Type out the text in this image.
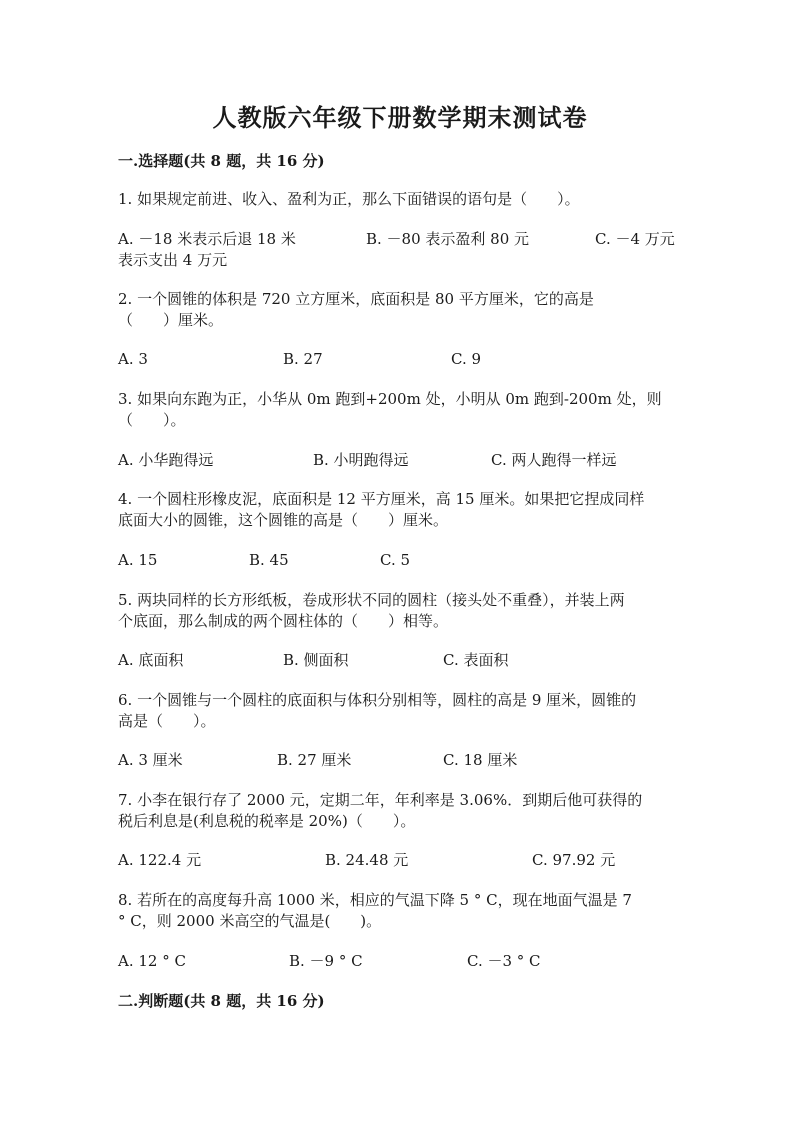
人教版六年级下册数学期末测试卷
一.选择题(共 8 题，共 16 分)
1. 如果规定前进、收入、盈利为正，那么下面错误的语句是（　　）。
A. －18 米表示后退 18 米	B. －80 表示盈利 80 元	C. －4 万元
表示支出 4 万元
2. 一个圆锥的体积是 720 立方厘米，底面积是 80 平方厘米，它的高是
（　　）厘米。
A. 3	B. 27	C. 9
3. 如果向东跑为正，小华从 0m 跑到+200m 处，小明从 0m 跑到-200m 处，则
（　　）。
A. 小华跑得远	B. 小明跑得远	C. 两人跑得一样远
4. 一个圆柱形橡皮泥，底面积是 12 平方厘米，高 15 厘米。如果把它捏成同样
底面大小的圆锥，这个圆锥的高是（　　）厘米。
A. 15	B. 45	C. 5
5. 两块同样的长方形纸板，卷成形状不同的圆柱（接头处不重叠），并装上两
个底面，那么制成的两个圆柱体的（　　）相等。
A. 底面积	B. 侧面积	C. 表面积
6. 一个圆锥与一个圆柱的底面积与体积分别相等，圆柱的高是 9 厘米，圆锥的
高是（　　）。
A. 3 厘米	B. 27 厘米	C. 18 厘米
7. 小李在银行存了 2000 元，定期二年，年利率是 3.06%．到期后他可获得的
税后利息是(利息税的税率是 20%)（　　）。
A. 122.4 元	B. 24.48 元	C. 97.92 元
8. 若所在的高度每升高 1000 米，相应的气温下降 5 ° C，现在地面气温是 7
° C，则 2000 米高空的气温是(　　)。
A. 12 ° C	B. －9 ° C	C. －3 ° C
二.判断题(共 8 题，共 16 分)
